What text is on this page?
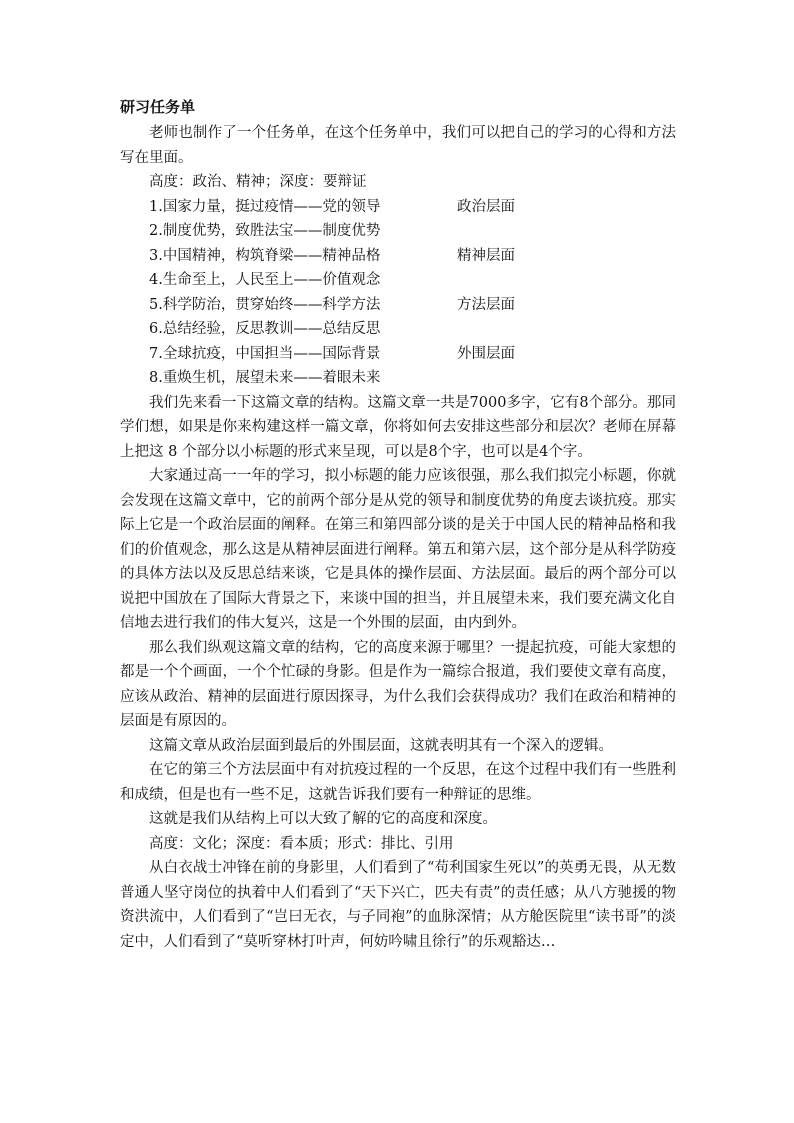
研习任务单

老师也制作了一个任务单，在这个任务单中，我们可以把自己的学习的心得和方法写在里面。

高度：政治、精神；深度：要辩证

1.国家力量，挺过疫情——党的领导	政治层面
2.制度优势，致胜法宝——制度优势
3.中国精神，构筑脊梁——精神品格	精神层面
4.生命至上，人民至上——价值观念
5.科学防治，贯穿始终——科学方法	方法层面
6.总结经验，反思教训——总结反思
7.全球抗疫，中国担当——国际背景	外围层面
8.重焕生机，展望未来——着眼未来

我们先来看一下这篇文章的结构。这篇文章一共是7000多字，它有8个部分。那同学们想，如果是你来构建这样一篇文章，你将如何去安排这些部分和层次？老师在屏幕上把这 8 个部分以小标题的形式来呈现，可以是8个字，也可以是4个字。

大家通过高一一年的学习，拟小标题的能力应该很强，那么我们拟完小标题，你就会发现在这篇文章中，它的前两个部分是从党的领导和制度优势的角度去谈抗疫。那实际上它是一个政治层面的阐释。在第三和第四部分谈的是关于中国人民的精神品格和我们的价值观念，那么这是从精神层面进行阐释。第五和第六层，这个部分是从科学防疫的具体方法以及反思总结来谈，它是具体的操作层面、方法层面。最后的两个部分可以说把中国放在了国际大背景之下，来谈中国的担当，并且展望未来，我们要充满文化自信地去进行我们的伟大复兴，这是一个外围的层面，由内到外。

那么我们纵观这篇文章的结构，它的高度来源于哪里？一提起抗疫，可能大家想的都是一个个画面，一个个忙碌的身影。但是作为一篇综合报道，我们要使文章有高度，应该从政治、精神的层面进行原因探寻，为什么我们会获得成功？我们在政治和精神的层面是有原因的。

这篇文章从政治层面到最后的外围层面，这就表明其有一个深入的逻辑。

在它的第三个方法层面中有对抗疫过程的一个反思，在这个过程中我们有一些胜利和成绩，但是也有一些不足，这就告诉我们要有一种辩证的思维。

这就是我们从结构上可以大致了解的它的高度和深度。

高度：文化；深度：看本质；形式：排比、引用

从白衣战士冲锋在前的身影里，人们看到了“苟利国家生死以”的英勇无畏，从无数普通人坚守岗位的执着中人们看到了“天下兴亡，匹夫有责”的责任感；从八方驰援的物资洪流中，人们看到了“岂曰无衣，与子同袍”的血脉深情；从方舱医院里“读书哥”的淡定中，人们看到了“莫听穿林打叶声，何妨吟啸且徐行”的乐观豁达…
